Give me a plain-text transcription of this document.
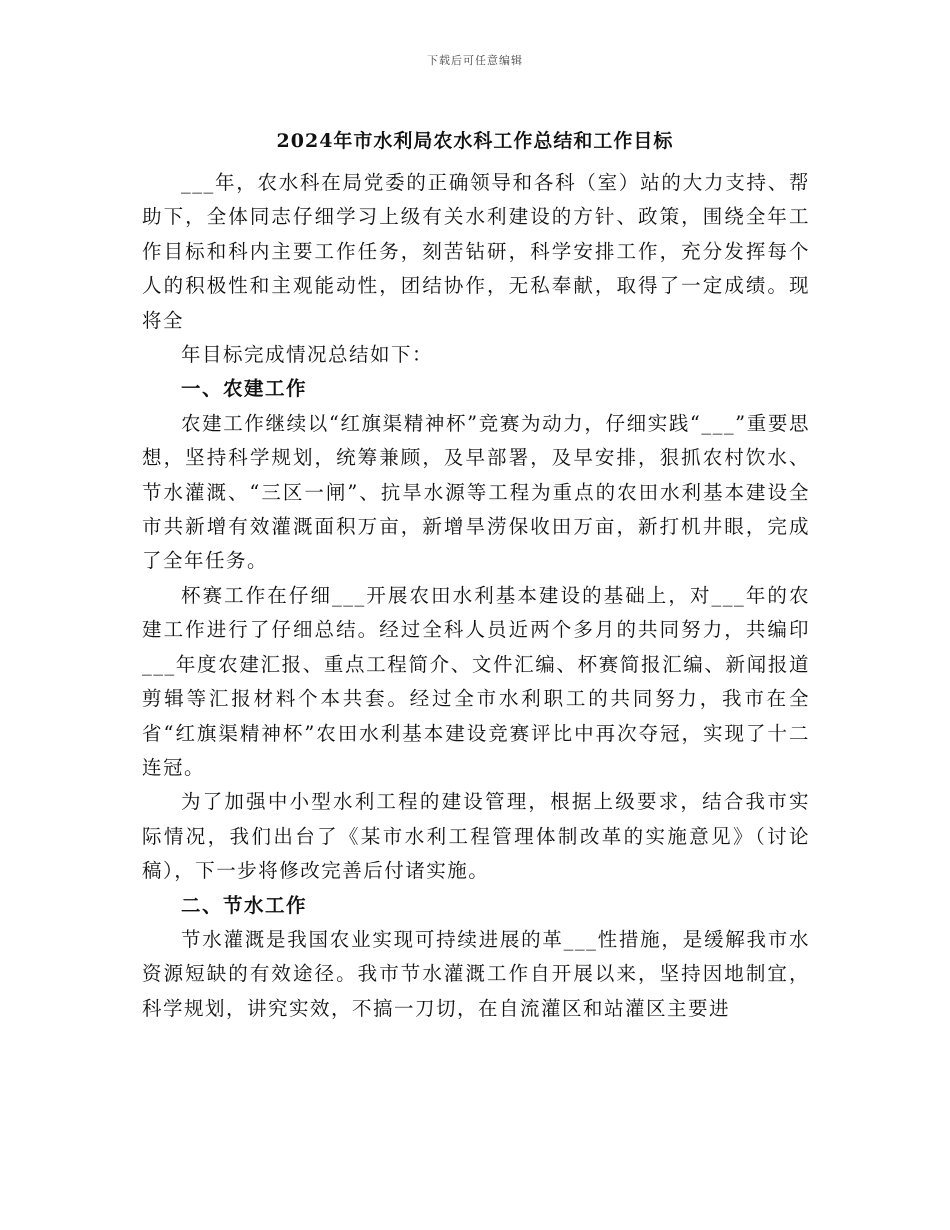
下载后可任意编辑
2024年市水利局农水科工作总结和工作目标

___年，农水科在局党委的正确领导和各科（室）站的大力支持、帮助下，全体同志仔细学习上级有关水利建设的方针、政策，围绕全年工作目标和科内主要工作任务，刻苦钻研，科学安排工作，充分发挥每个人的积极性和主观能动性，团结协作，无私奉献，取得了一定成绩。现将全

年目标完成情况总结如下：

一、农建工作

农建工作继续以“红旗渠精神杯”竞赛为动力，仔细实践“___”重要思想，坚持科学规划，统筹兼顾，及早部署，及早安排，狠抓农村饮水、节水灌溉、“三区一闸”、抗旱水源等工程为重点的农田水利基本建设全市共新增有效灌溉面积万亩，新增旱涝保收田万亩，新打机井眼，完成了全年任务。

杯赛工作在仔细___开展农田水利基本建设的基础上，对___年的农建工作进行了仔细总结。经过全科人员近两个多月的共同努力，共编印___年度农建汇报、重点工程简介、文件汇编、杯赛简报汇编、新闻报道剪辑等汇报材料个本共套。经过全市水利职工的共同努力，我市在全省“红旗渠精神杯”农田水利基本建设竞赛评比中再次夺冠，实现了十二连冠。

为了加强中小型水利工程的建设管理，根据上级要求，结合我市实际情况，我们出台了《某市水利工程管理体制改革的实施意见》（讨论稿），下一步将修改完善后付诸实施。

二、节水工作

节水灌溉是我国农业实现可持续进展的革___性措施，是缓解我市水资源短缺的有效途径。我市节水灌溉工作自开展以来，坚持因地制宜，科学规划，讲究实效，不搞一刀切，在自流灌区和站灌区主要进
